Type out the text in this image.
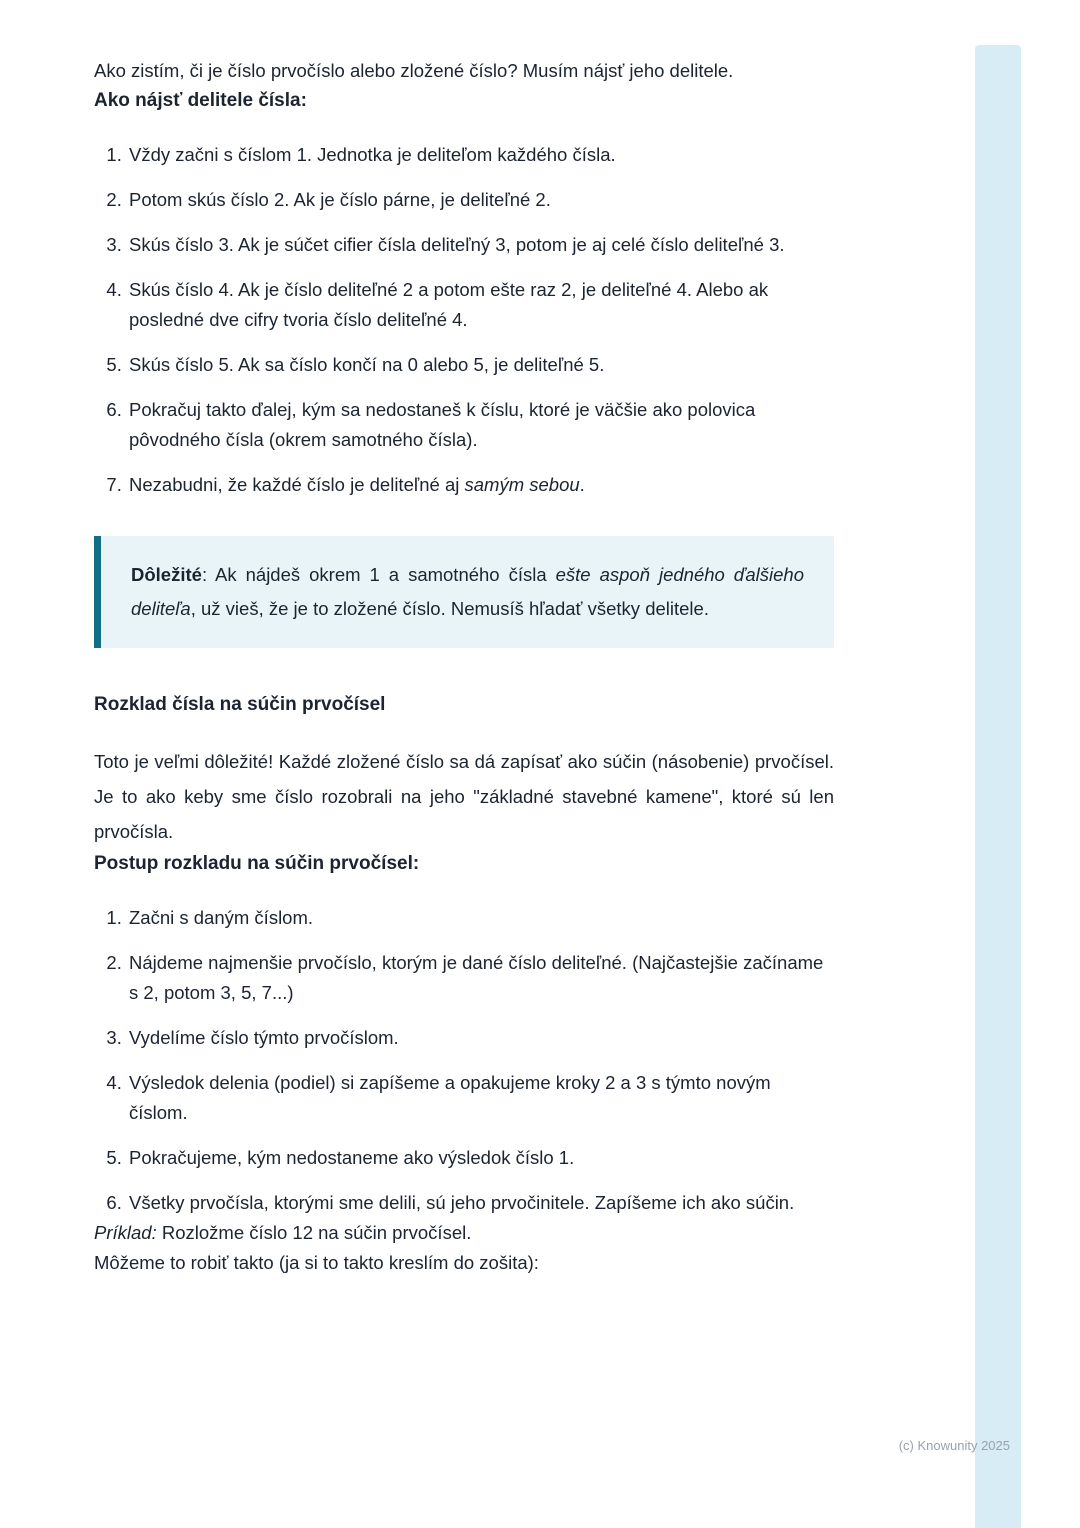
Ako zistím, či je číslo prvočíslo alebo zložené číslo? Musím nájsť jeho delitele.

Ako nájsť delitele čísla:
1. Vždy začni s číslom 1. Jednotka je deliteľom každého čísla.
2. Potom skús číslo 2. Ak je číslo párne, je deliteľné 2.
3. Skús číslo 3. Ak je súčet cifier čísla deliteľný 3, potom je aj celé číslo deliteľné 3.
4. Skús číslo 4. Ak je číslo deliteľné 2 a potom ešte raz 2, je deliteľné 4. Alebo ak posledné dve cifry tvoria číslo deliteľné 4.
5. Skús číslo 5. Ak sa číslo končí na 0 alebo 5, je deliteľné 5.
6. Pokračuj takto ďalej, kým sa nedostaneš k číslu, ktoré je väčšie ako polovica pôvodného čísla (okrem samotného čísla).
7. Nezabudni, že každé číslo je deliteľné aj samým sebou.

Dôležité: Ak nájdeš okrem 1 a samotného čísla ešte aspoň jedného ďalšieho deliteľa, už vieš, že je to zložené číslo. Nemusíš hľadať všetky delitele.

Rozklad čísla na súčin prvočísel

Toto je veľmi dôležité! Každé zložené číslo sa dá zapísať ako súčin (násobenie) prvočísel. Je to ako keby sme číslo rozobrali na jeho "základné stavebné kamene", ktoré sú len prvočísla.

Postup rozkladu na súčin prvočísel:
1. Začni s daným číslom.
2. Nájdeme najmenšie prvočíslo, ktorým je dané číslo deliteľné. (Najčastejšie začíname s 2, potom 3, 5, 7...)
3. Vydelíme číslo týmto prvočíslom.
4. Výsledok delenia (podiel) si zapíšeme a opakujeme kroky 2 a 3 s týmto novým číslom.
5. Pokračujeme, kým nedostaneme ako výsledok číslo 1.
6. Všetky prvočísla, ktorými sme delili, sú jeho prvočinitele. Zapíšeme ich ako súčin.

Príklad: Rozložme číslo 12 na súčin prvočísel.

Môžeme to robiť takto (ja si to takto kreslím do zošita):

(c) Knowunity 2025
